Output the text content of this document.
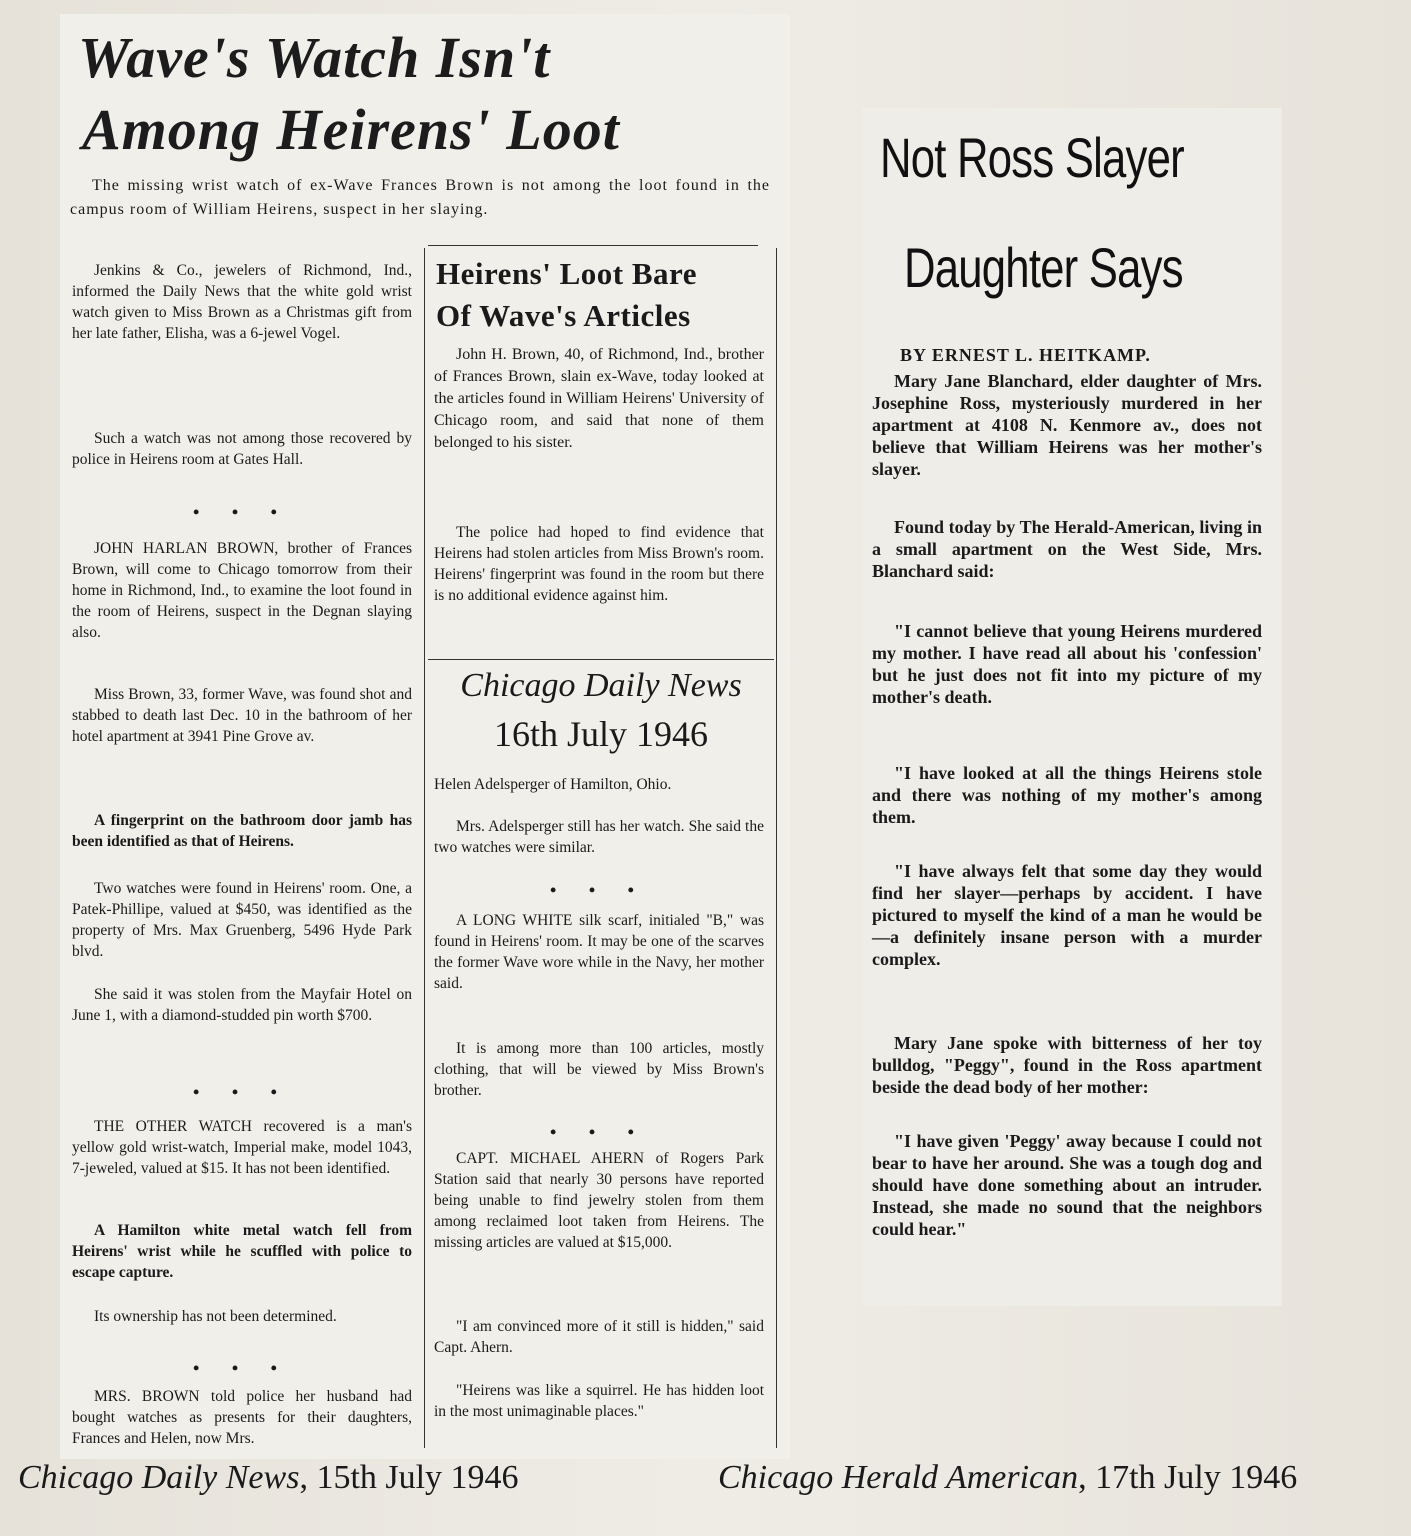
Wave's Watch Isn't
Among Heirens' Loot

The missing wrist watch of ex-Wave Frances Brown is not among the loot found in the campus room of William Heirens, suspect in her slaying.

Jenkins & Co., jewelers of Richmond, Ind., informed the Daily News that the white gold wrist watch given to Miss Brown as a Christmas gift from her late father, Elisha, was a 6-jewel Vogel.

Such a watch was not among those recovered by police in Heirens room at Gates Hall.

• • •

JOHN HARLAN BROWN, brother of Frances Brown, will come to Chicago tomorrow from their home in Richmond, Ind., to examine the loot found in the room of Heirens, suspect in the Degnan slaying also.

Miss Brown, 33, former Wave, was found shot and stabbed to death last Dec. 10 in the bathroom of her hotel apartment at 3941 Pine Grove av.

A fingerprint on the bathroom door jamb has been identified as that of Heirens.

Two watches were found in Heirens' room. One, a Patek-Phillipe, valued at $450, was identified as the property of Mrs. Max Gruenberg, 5496 Hyde Park blvd.

She said it was stolen from the Mayfair Hotel on June 1, with a diamond-studded pin worth $700.

• • •

THE OTHER WATCH recovered is a man's yellow gold wrist-watch, Imperial make, model 1043, 7-jeweled, valued at $15. It has not been identified.

A Hamilton white metal watch fell from Heirens' wrist while he scuffled with police to escape capture.

Its ownership has not been determined.

• • •

MRS. BROWN told police her husband had bought watches as presents for their daughters, Frances and Helen, now Mrs.

Heirens' Loot Bare
Of Wave's Articles

John H. Brown, 40, of Richmond, Ind., brother of Frances Brown, slain ex-Wave, today looked at the articles found in William Heirens' University of Chicago room, and said that none of them belonged to his sister.

The police had hoped to find evidence that Heirens had stolen articles from Miss Brown's room. Heirens' fingerprint was found in the room but there is no additional evidence against him.

Chicago Daily News
16th July 1946

Helen Adelsperger of Hamilton, Ohio.

Mrs. Adelsperger still has her watch. She said the two watches were similar.

• • •

A LONG WHITE silk scarf, initialed "B," was found in Heirens' room. It may be one of the scarves the former Wave wore while in the Navy, her mother said.

It is among more than 100 articles, mostly clothing, that will be viewed by Miss Brown's brother.

• • •

CAPT. MICHAEL AHERN of Rogers Park Station said that nearly 30 persons have reported being unable to find jewelry stolen from them among reclaimed loot taken from Heirens. The missing articles are valued at $15,000.

"I am convinced more of it still is hidden," said Capt. Ahern.

"Heirens was like a squirrel. He has hidden loot in the most unimaginable places."

Not Ross Slayer
Daughter Says
BY ERNEST L. HEITKAMP.

Mary Jane Blanchard, elder daughter of Mrs. Josephine Ross, mysteriously murdered in her apartment at 4108 N. Kenmore av., does not believe that William Heirens was her mother's slayer.

Found today by The Herald-American, living in a small apartment on the West Side, Mrs. Blanchard said:

"I cannot believe that young Heirens murdered my mother. I have read all about his 'confession' but he just does not fit into my picture of my mother's death.

"I have looked at all the things Heirens stole and there was nothing of my mother's among them.

"I have always felt that some day they would find her slayer—perhaps by accident. I have pictured to myself the kind of a man he would be—a definitely insane person with a murder complex.

Mary Jane spoke with bitterness of her toy bulldog, "Peggy", found in the Ross apartment beside the dead body of her mother:

"I have given 'Peggy' away because I could not bear to have her around. She was a tough dog and should have done something about an intruder. Instead, she made no sound that the neighbors could hear."

Chicago Daily News, 15th July 1946	Chicago Herald American, 17th July 1946
